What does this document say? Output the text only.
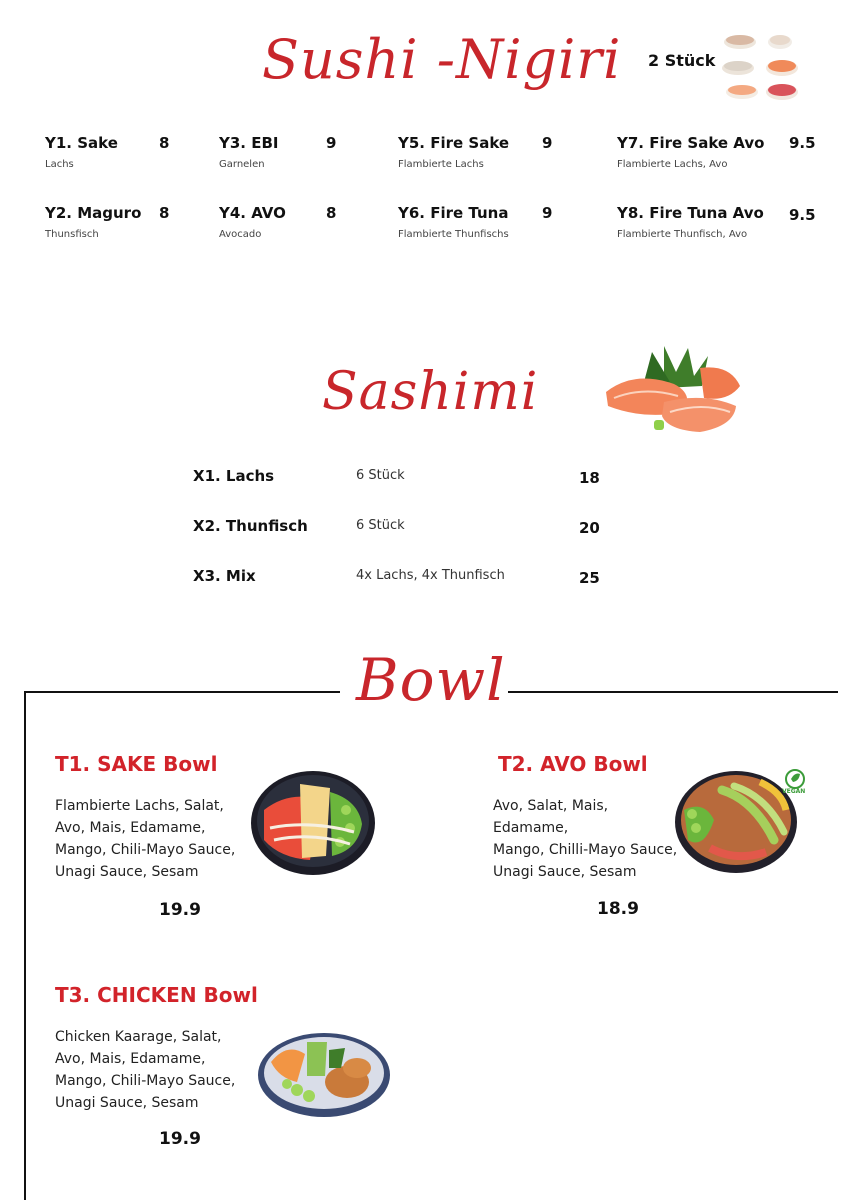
Sushi -Nigiri 2 Stück
Y1. Sake
Lachs
8
Y2. Maguro
Thunsfisch
8
Y3. EBI
Garnelen
9
Y4. AVO
Avocado
8
Y5. Fire Sake
Flambierte Lachs
9
Y6. Fire Tuna
Flambierte Thunfischs
9
Y7. Fire Sake Avo
Flambierte Lachs, Avo
9.5
Y8. Fire Tuna Avo
Flambierte Thunfisch, Avo
9.5
Sashimi
X1. Lachs	6 Stück	18
X2. Thunfisch	6 Stück	20
X3. Mix	4x Lachs, 4x Thunfisch	25
Bowl
T1. SAKE Bowl
Flambierte Lachs, Salat,
Avo, Mais, Edamame,
Mango, Chili-Mayo Sauce,
Unagi Sauce, Sesam
19.9
T2. AVO Bowl
Avo, Salat, Mais, Edamame,
Mango, Chilli-Mayo Sauce,
Unagi Sauce, Sesam
18.9
VEGAN
T3. CHICKEN Bowl
Chicken Kaarage, Salat,
Avo, Mais, Edamame,
Mango, Chili-Mayo Sauce,
Unagi Sauce, Sesam
19.9
